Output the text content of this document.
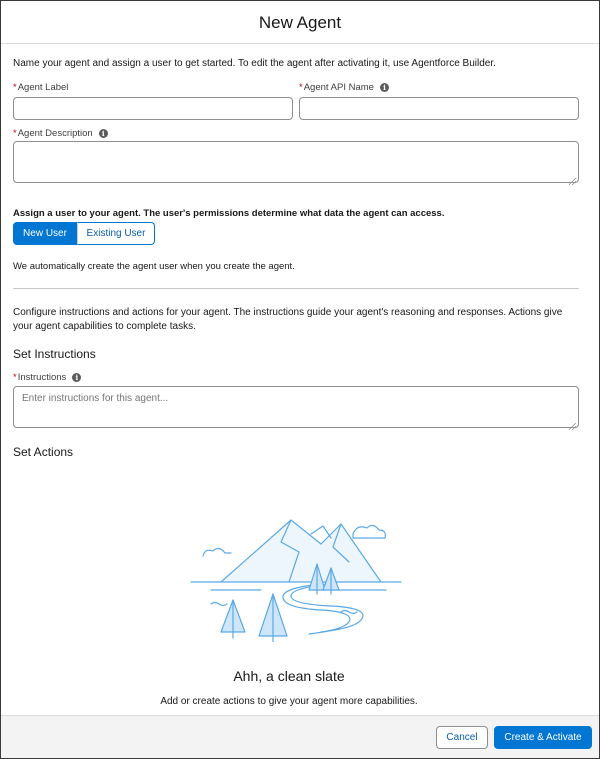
New Agent
Name your agent and assign a user to get started. To edit the agent after activating it, use Agentforce Builder.
* Agent Label	* Agent API Name	i
* Agent Description	i
Assign a user to your agent. The user's permissions determine what data the agent can access.
New User	Existing User
We automatically create the agent user when you create the agent.
Configure instructions and actions for your agent. The instructions guide your agent's reasoning and responses. Actions give your agent capabilities to complete tasks.
Set Instructions
* Instructions	i
Enter instructions for this agent...
Set Actions
Ahh, a clean slate
Add or create actions to give your agent more capabilities.
Cancel	Create & Activate
